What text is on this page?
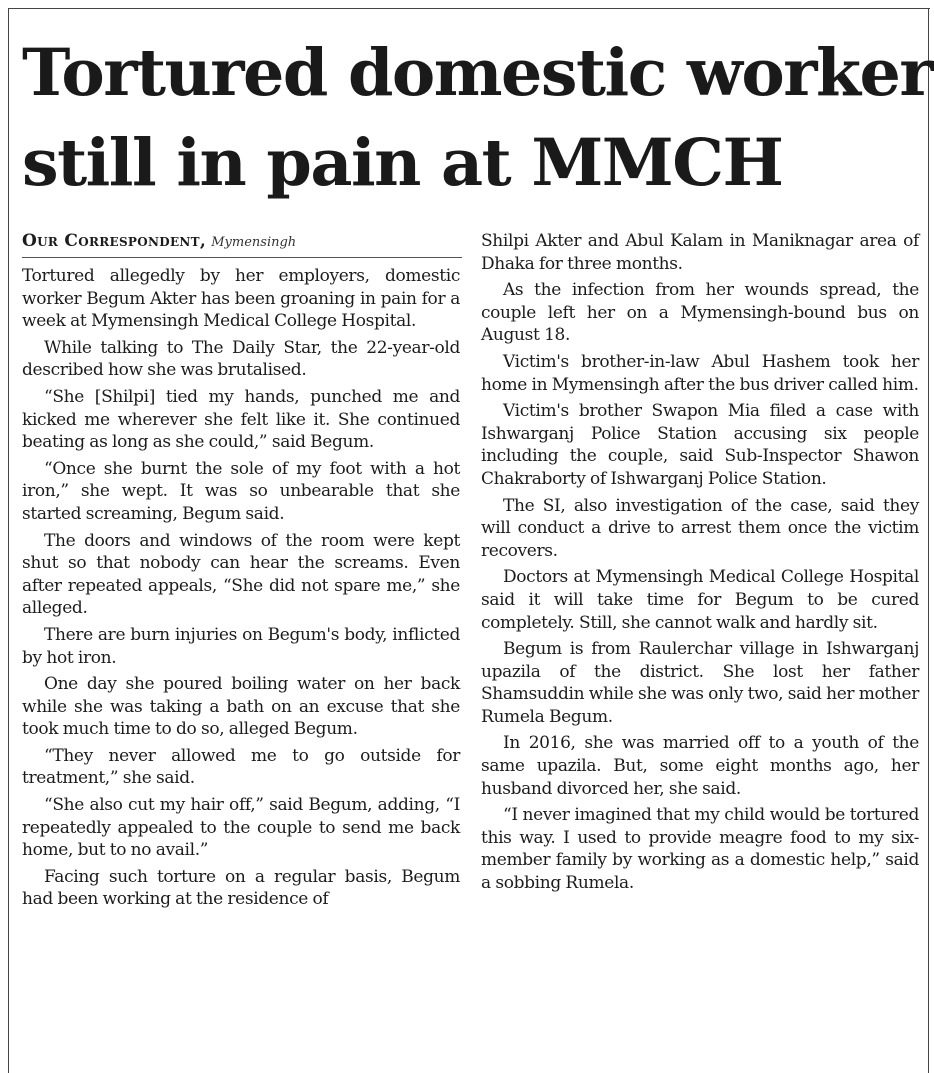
Tortured domestic worker
still in pain at MMCH
Our Correspondent, Mymensingh

Tortured allegedly by her employers, domestic worker Begum Akter has been groaning in pain for a week at Mymensingh Medical College Hospital.

While talking to The Daily Star, the 22-year-old described how she was brutalised.

“She [Shilpi] tied my hands, punched me and kicked me wherever she felt like it. She continued beating as long as she could,” said Begum.

“Once she burnt the sole of my foot with a hot iron,” she wept. It was so unbearable that she started screaming, Begum said.

The doors and windows of the room were kept shut so that nobody can hear the screams. Even after repeated appeals, “She did not spare me,” she alleged.

There are burn injuries on Begum's body, inflicted by hot iron.

One day she poured boiling water on her back while she was taking a bath on an excuse that she took much time to do so, alleged Begum.

“They never allowed me to go outside for treatment,” she said.

“She also cut my hair off,” said Begum, adding, “I repeatedly appealed to the couple to send me back home, but to no avail.”

Facing such torture on a regular basis, Begum had been working at the residence of

Shilpi Akter and Abul Kalam in Maniknagar area of Dhaka for three months.

As the infection from her wounds spread, the couple left her on a Mymensingh-bound bus on August 18.

Victim's brother-in-law Abul Hashem took her home in Mymensingh after the bus driver called him.

Victim's brother Swapon Mia filed a case with Ishwarganj Police Station accusing six people including the couple, said Sub-Inspector Shawon Chakraborty of Ishwarganj Police Station.

The SI, also investigation of the case, said they will conduct a drive to arrest them once the victim recovers.

Doctors at Mymensingh Medical College Hospital said it will take time for Begum to be cured completely. Still, she cannot walk and hardly sit.

Begum is from Raulerchar village in Ishwarganj upazila of the district. She lost her father Shamsuddin while she was only two, said her mother Rumela Begum.

In 2016, she was married off to a youth of the same upazila. But, some eight months ago, her husband divorced her, she said.

“I never imagined that my child would be tortured this way. I used to provide meagre food to my six-member family by working as a domestic help,” said a sobbing Rumela.
